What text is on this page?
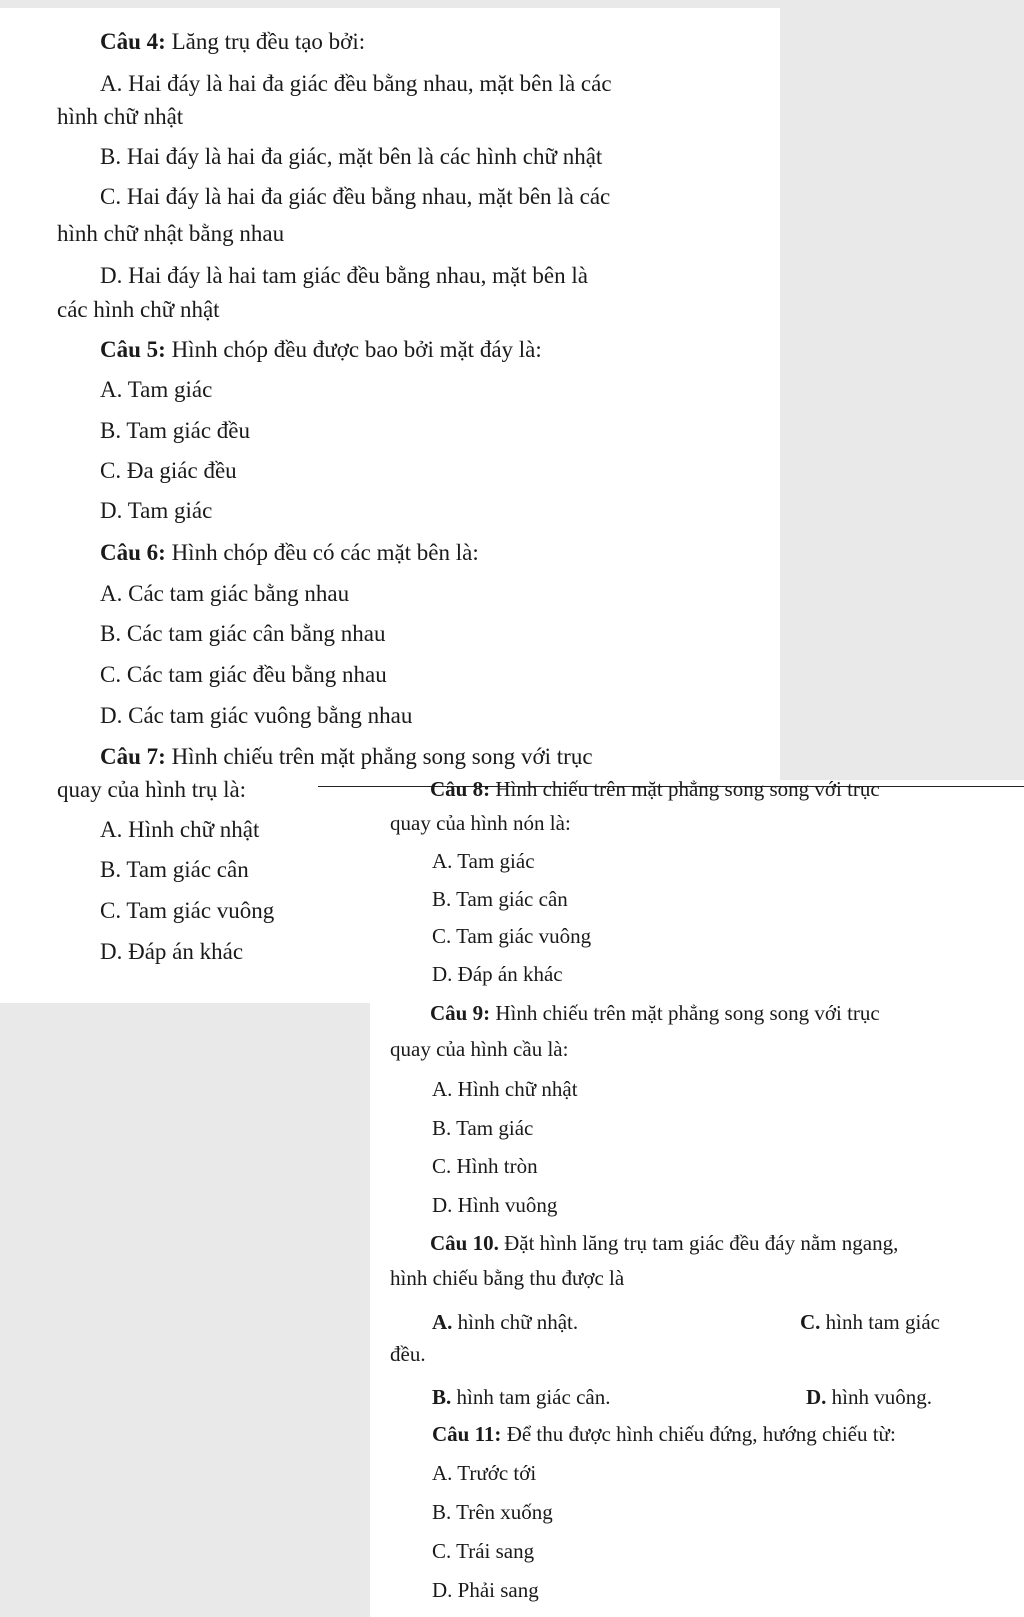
Câu 4: Lăng trụ đều tạo bởi:
A. Hai đáy là hai đa giác đều bằng nhau, mặt bên là các
hình chữ nhật
B. Hai đáy là hai đa giác, mặt bên là các hình chữ nhật
C. Hai đáy là hai đa giác đều bằng nhau, mặt bên là các
hình chữ nhật bằng nhau
D. Hai đáy là hai tam giác đều bằng nhau, mặt bên là
các hình chữ nhật
Câu 5: Hình chóp đều được bao bởi mặt đáy là:
A. Tam giác
B. Tam giác đều
C. Đa giác đều
D. Tam giác
Câu 6: Hình chóp đều có các mặt bên là:
A. Các tam giác bằng nhau
B. Các tam giác cân bằng nhau
C. Các tam giác đều bằng nhau
D. Các tam giác vuông bằng nhau
Câu 7: Hình chiếu trên mặt phẳng song song với trục
quay của hình trụ là:
A. Hình chữ nhật
B. Tam giác cân
C. Tam giác vuông
D. Đáp án khác
Câu 8: Hình chiếu trên mặt phẳng song song với trục
quay của hình nón là:
A. Tam giác
B. Tam giác cân
C. Tam giác vuông
D. Đáp án khác
Câu 9: Hình chiếu trên mặt phẳng song song với trục
quay của hình cầu là:
A. Hình chữ nhật
B. Tam giác
C. Hình tròn
D. Hình vuông
Câu 10. Đặt hình lăng trụ tam giác đều đáy nằm ngang,
hình chiếu bằng thu được là
A. hình chữ nhật.	C. hình tam giác
đều.
B. hình tam giác cân.	D. hình vuông.
Câu 11: Để thu được hình chiếu đứng, hướng chiếu từ:
A. Trước tới
B. Trên xuống
C. Trái sang
D. Phải sang
